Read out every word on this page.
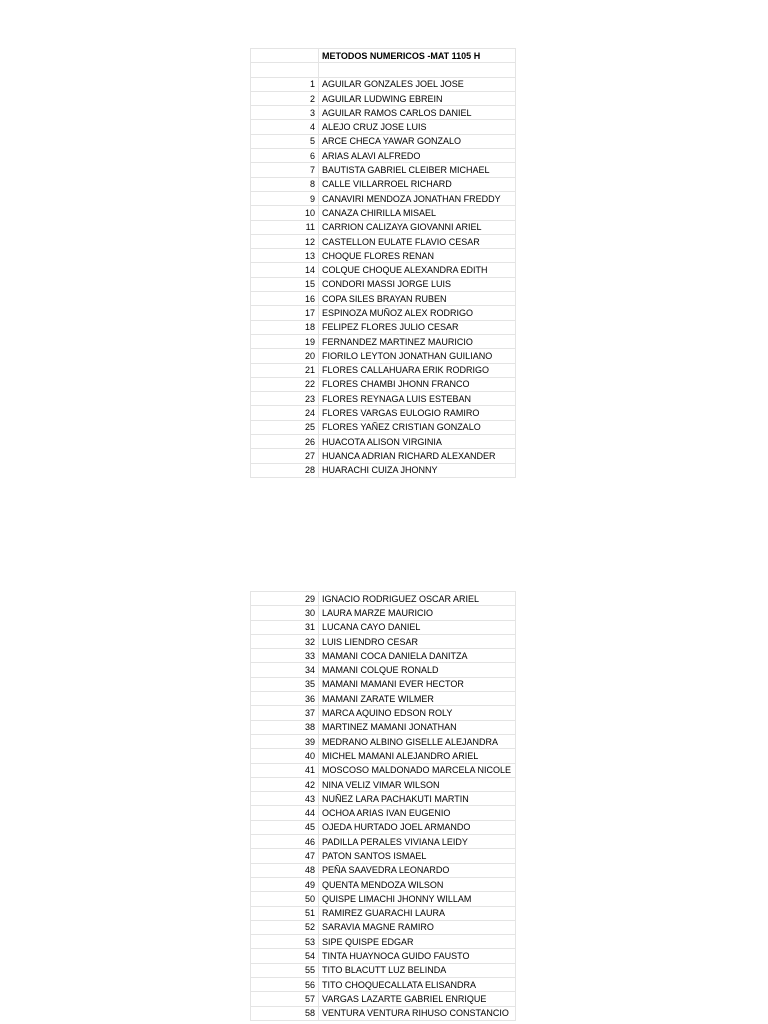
	METODOS NUMERICOS -MAT 1105 H

1	AGUILAR GONZALES JOEL JOSE
2	AGUILAR LUDWING EBREIN
3	AGUILAR RAMOS CARLOS DANIEL
4	ALEJO CRUZ JOSE LUIS
5	ARCE CHECA YAWAR GONZALO
6	ARIAS ALAVI ALFREDO
7	BAUTISTA GABRIEL CLEIBER MICHAEL
8	CALLE VILLARROEL RICHARD
9	CANAVIRI MENDOZA JONATHAN FREDDY
10	CANAZA CHIRILLA MISAEL
11	CARRION CALIZAYA GIOVANNI ARIEL
12	CASTELLON EULATE FLAVIO CESAR
13	CHOQUE FLORES RENAN
14	COLQUE CHOQUE ALEXANDRA EDITH
15	CONDORI MASSI JORGE LUIS
16	COPA SILES BRAYAN RUBEN
17	ESPINOZA MUÑOZ ALEX RODRIGO
18	FELIPEZ FLORES JULIO CESAR
19	FERNANDEZ MARTINEZ MAURICIO
20	FIORILO LEYTON JONATHAN GUILIANO
21	FLORES CALLAHUARA ERIK RODRIGO
22	FLORES CHAMBI JHONN FRANCO
23	FLORES REYNAGA LUIS ESTEBAN
24	FLORES VARGAS EULOGIO RAMIRO
25	FLORES YAÑEZ CRISTIAN GONZALO
26	HUACOTA ALISON VIRGINIA
27	HUANCA ADRIAN RICHARD ALEXANDER
28	HUARACHI CUIZA JHONNY
29	IGNACIO RODRIGUEZ OSCAR ARIEL
30	LAURA MARZE MAURICIO
31	LUCANA CAYO DANIEL
32	LUIS LIENDRO CESAR
33	MAMANI COCA DANIELA DANITZA
34	MAMANI COLQUE RONALD
35	MAMANI MAMANI EVER HECTOR
36	MAMANI ZARATE WILMER
37	MARCA AQUINO EDSON ROLY
38	MARTINEZ MAMANI JONATHAN
39	MEDRANO ALBINO GISELLE ALEJANDRA
40	MICHEL MAMANI ALEJANDRO ARIEL
41	MOSCOSO MALDONADO MARCELA NICOLE
42	NINA VELIZ VIMAR WILSON
43	NUÑEZ LARA PACHAKUTI MARTIN
44	OCHOA ARIAS IVAN EUGENIO
45	OJEDA HURTADO JOEL ARMANDO
46	PADILLA PERALES VIVIANA LEIDY
47	PATON SANTOS ISMAEL
48	PEÑA SAAVEDRA LEONARDO
49	QUENTA MENDOZA WILSON
50	QUISPE LIMACHI JHONNY WILLAM
51	RAMIREZ GUARACHI LAURA
52	SARAVIA MAGNE RAMIRO
53	SIPE QUISPE EDGAR
54	TINTA HUAYNOCA GUIDO FAUSTO
55	TITO BLACUTT LUZ BELINDA
56	TITO CHOQUECALLATA ELISANDRA
57	VARGAS LAZARTE GABRIEL ENRIQUE
58	VENTURA VENTURA RIHUSO CONSTANCIO
